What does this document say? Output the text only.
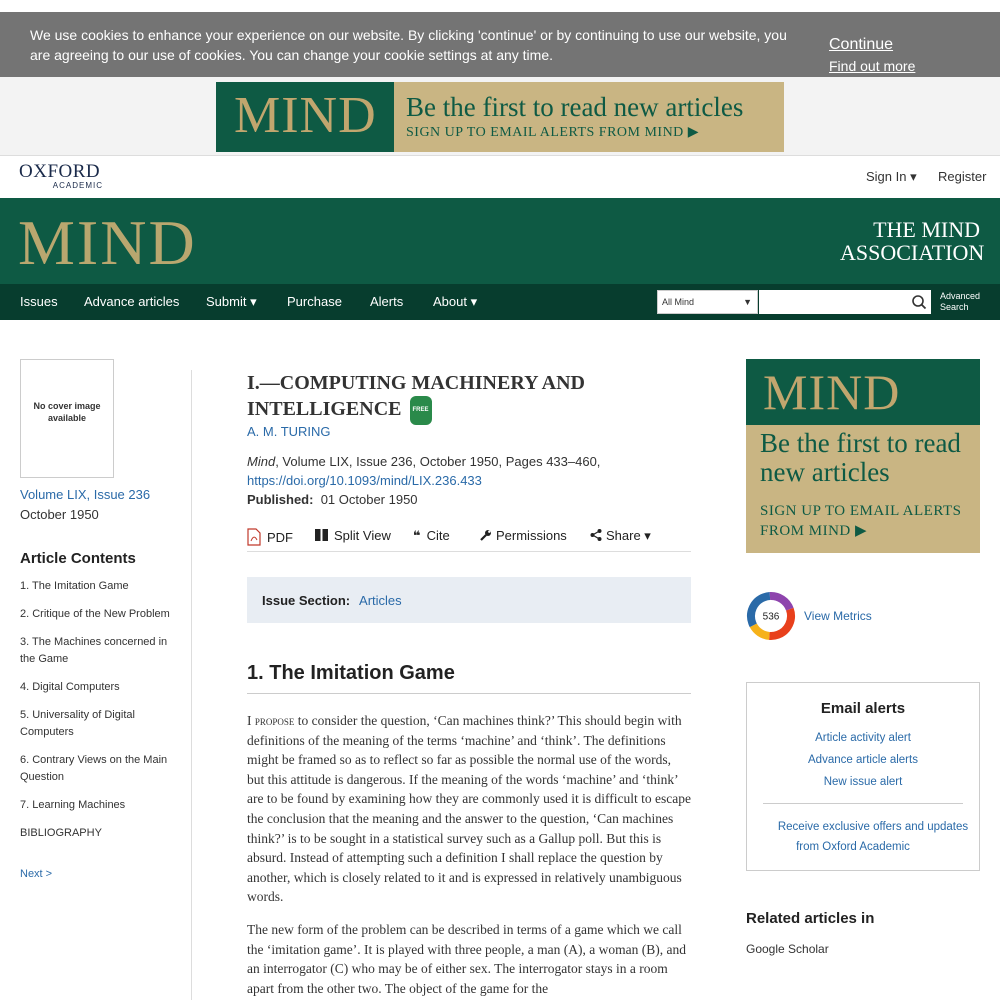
We use cookies to enhance your experience on our website. By clicking 'continue' or by continuing to use our website, you are agreeing to our use of cookies. You can change your cookie settings at any time.
Continue
Find out more
MIND Be the first to read new articles
SIGN UP TO EMAIL ALERTS FROM MIND ▶
OXFORD
ACADEMIC
Sign In ▾ Register
MIND	THE MIND
ASSOCIATION
Issues Advance articles Submit ▾ Purchase Alerts About ▾	All Mind	▼
Advanced
Search
No cover image available
Volume LIX, Issue 236
October 1950
Article Contents
1. The Imitation Game
2. Critique of the New Problem
3. The Machines concerned in the Game
4. Digital Computers
5. Universality of Digital Computers
6. Contrary Views on the Main Question
7. Learning Machines
BIBLIOGRAPHY
Next >
I.—COMPUTING MACHINERY AND INTELLIGENCE FREE
A. M. TURING
Mind, Volume LIX, Issue 236, October 1950, Pages 433–460,
https://doi.org/10.1093/mind/LIX.236.433
Published: 01 October 1950
PDF	Split View ❝ Cite	Permissions	Share ▾
Issue Section: Articles
1. The Imitation Game

I propose to consider the question, ‘Can machines think?’ This should begin with definitions of the meaning of the terms ‘machine’ and ‘think’. The definitions might be framed so as to reflect so far as possible the normal use of the words, but this attitude is dangerous. If the meaning of the words ‘machine’ and ‘think’ are to be found by examining how they are commonly used it is difficult to escape the conclusion that the meaning and the answer to the question, ‘Can machines think?’ is to be sought in a statistical survey such as a Gallup poll. But this is absurd. Instead of attempting such a definition I shall replace the question by another, which is closely related to it and is expressed in relatively unambiguous words.

The new form of the problem can be described in terms of a game which we call the ‘imitation game’. It is played with three people, a man (A), a woman (B), and an interrogator (C) who may be of either sex. The interrogator stays in a room apart from the other two. The object of the game for the

MIND
Be the first to read new articles
SIGN UP TO EMAIL ALERTS FROM MIND ▶
536 View Metrics
Email alerts
Article activity alert
Advance article alerts
New issue alert
Receive exclusive offers and updates from Oxford Academic
Related articles in
Google Scholar
